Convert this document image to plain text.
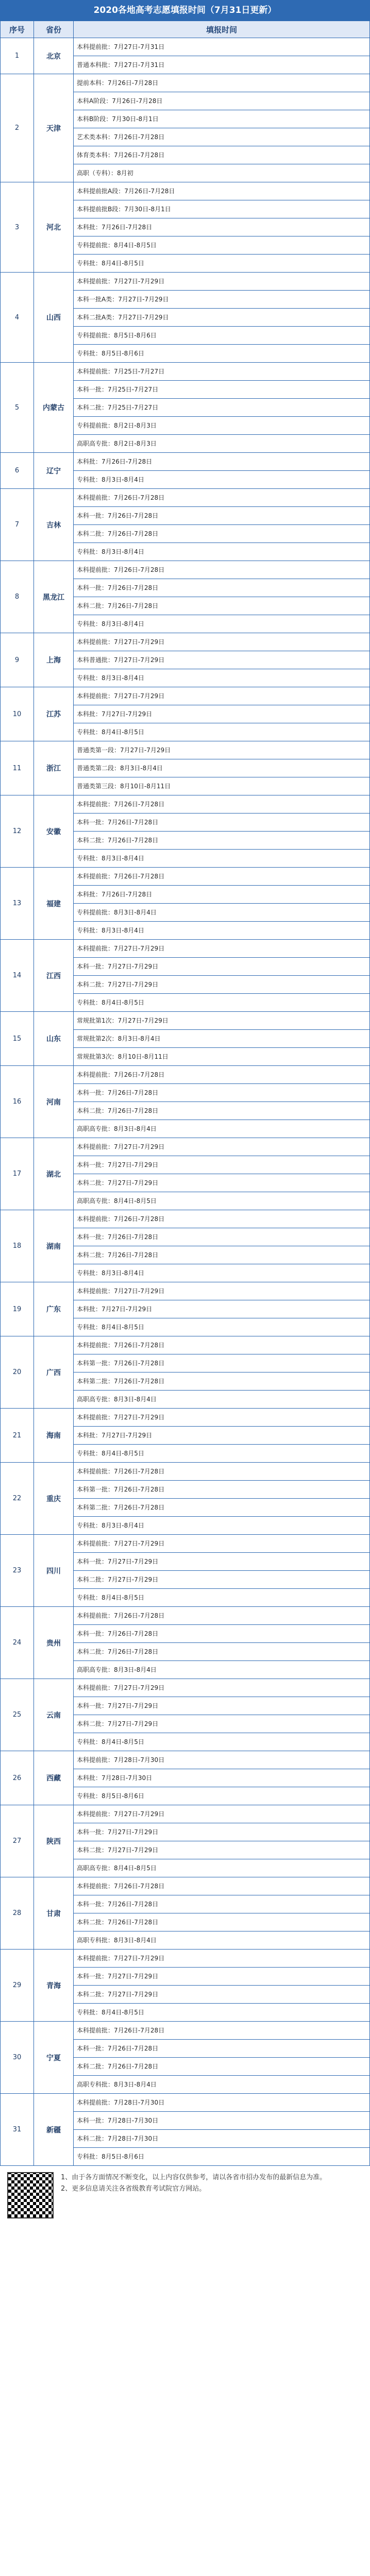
2020各地高考志愿填报时间（7月31日更新）
序号	省份	填报时间
1	北京	本科提前批：7月27日-7月31日
		普通本科批：7月27日-7月31日
2	天津	提前本科：7月26日-7月28日
		本科A阶段：7月26日-7月28日
		本科B阶段：7月30日-8月1日
		艺术类本科：7月26日-7月28日
		体育类本科：7月26日-7月28日
		高职（专科）：8月初
3	河北	本科提前批A段：7月26日-7月28日
		本科提前批B段：7月30日-8月1日
		本科批：7月26日-7月28日
		专科提前批：8月4日-8月5日
		专科批：8月4日-8月5日
4	山西	本科提前批：7月27日-7月29日
		本科一批A类：7月27日-7月29日
		本科二批A类：7月27日-7月29日
		专科提前批：8月5日-8月6日
		专科批：8月5日-8月6日
5	内蒙古	本科提前批：7月25日-7月27日
		本科一批：7月25日-7月27日
		本科二批：7月25日-7月27日
		专科提前批：8月2日-8月3日
		高职高专批：8月2日-8月3日
6	辽宁	本科批：7月26日-7月28日
		专科批：8月3日-8月4日
7	吉林	本科提前批：7月26日-7月28日
		本科一批：7月26日-7月28日
		本科二批：7月26日-7月28日
		专科批：8月3日-8月4日
8	黑龙江	本科提前批：7月26日-7月28日
		本科一批：7月26日-7月28日
		本科二批：7月26日-7月28日
		专科批：8月3日-8月4日
9	上海	本科提前批：7月27日-7月29日
		本科普通批：7月27日-7月29日
		专科批：8月3日-8月4日
10	江苏	本科提前批：7月27日-7月29日
		本科批：7月27日-7月29日
		专科批：8月4日-8月5日
11	浙江	普通类第一段：7月27日-7月29日
		普通类第二段：8月3日-8月4日
		普通类第三段：8月10日-8月11日
12	安徽	本科提前批：7月26日-7月28日
		本科一批：7月26日-7月28日
		本科二批：7月26日-7月28日
		专科批：8月3日-8月4日
13	福建	本科提前批：7月26日-7月28日
		本科批：7月26日-7月28日
		专科提前批：8月3日-8月4日
		专科批：8月3日-8月4日
14	江西	本科提前批：7月27日-7月29日
		本科一批：7月27日-7月29日
		本科二批：7月27日-7月29日
		专科批：8月4日-8月5日
15	山东	常规批第1次：7月27日-7月29日
		常规批第2次：8月3日-8月4日
		常规批第3次：8月10日-8月11日
16	河南	本科提前批：7月26日-7月28日
		本科一批：7月26日-7月28日
		本科二批：7月26日-7月28日
		高职高专批：8月3日-8月4日
17	湖北	本科提前批：7月27日-7月29日
		本科一批：7月27日-7月29日
		本科二批：7月27日-7月29日
		高职高专批：8月4日-8月5日
18	湖南	本科提前批：7月26日-7月28日
		本科一批：7月26日-7月28日
		本科二批：7月26日-7月28日
		专科批：8月3日-8月4日
19	广东	本科提前批：7月27日-7月29日
		本科批：7月27日-7月29日
		专科批：8月4日-8月5日
20	广西	本科提前批：7月26日-7月28日
		本科第一批：7月26日-7月28日
		本科第二批：7月26日-7月28日
		高职高专批：8月3日-8月4日
21	海南	本科提前批：7月27日-7月29日
		本科批：7月27日-7月29日
		专科批：8月4日-8月5日
22	重庆	本科提前批：7月26日-7月28日
		本科第一批：7月26日-7月28日
		本科第二批：7月26日-7月28日
		专科批：8月3日-8月4日
23	四川	本科提前批：7月27日-7月29日
		本科一批：7月27日-7月29日
		本科二批：7月27日-7月29日
		专科批：8月4日-8月5日
24	贵州	本科提前批：7月26日-7月28日
		本科一批：7月26日-7月28日
		本科二批：7月26日-7月28日
		高职高专批：8月3日-8月4日
25	云南	本科提前批：7月27日-7月29日
		本科一批：7月27日-7月29日
		本科二批：7月27日-7月29日
		专科批：8月4日-8月5日
26	西藏	本科提前批：7月28日-7月30日
		本科批：7月28日-7月30日
		专科批：8月5日-8月6日
27	陕西	本科提前批：7月27日-7月29日
		本科一批：7月27日-7月29日
		本科二批：7月27日-7月29日
		高职高专批：8月4日-8月5日
28	甘肃	本科提前批：7月26日-7月28日
		本科一批：7月26日-7月28日
		本科二批：7月26日-7月28日
		高职专科批：8月3日-8月4日
29	青海	本科提前批：7月27日-7月29日
		本科一批：7月27日-7月29日
		本科二批：7月27日-7月29日
		专科批：8月4日-8月5日
30	宁夏	本科提前批：7月26日-7月28日
		本科一批：7月26日-7月28日
		本科二批：7月26日-7月28日
		高职专科批：8月3日-8月4日
31	新疆	本科提前批：7月28日-7月30日
		本科一批：7月28日-7月30日
		本科二批：7月28日-7月30日
		专科批：8月5日-8月6日
1、由于各方面情况不断变化，以上内容仅供参考，请以各省市招办发布的最新信息为准。
2、更多信息请关注各省级教育考试院官方网站。
